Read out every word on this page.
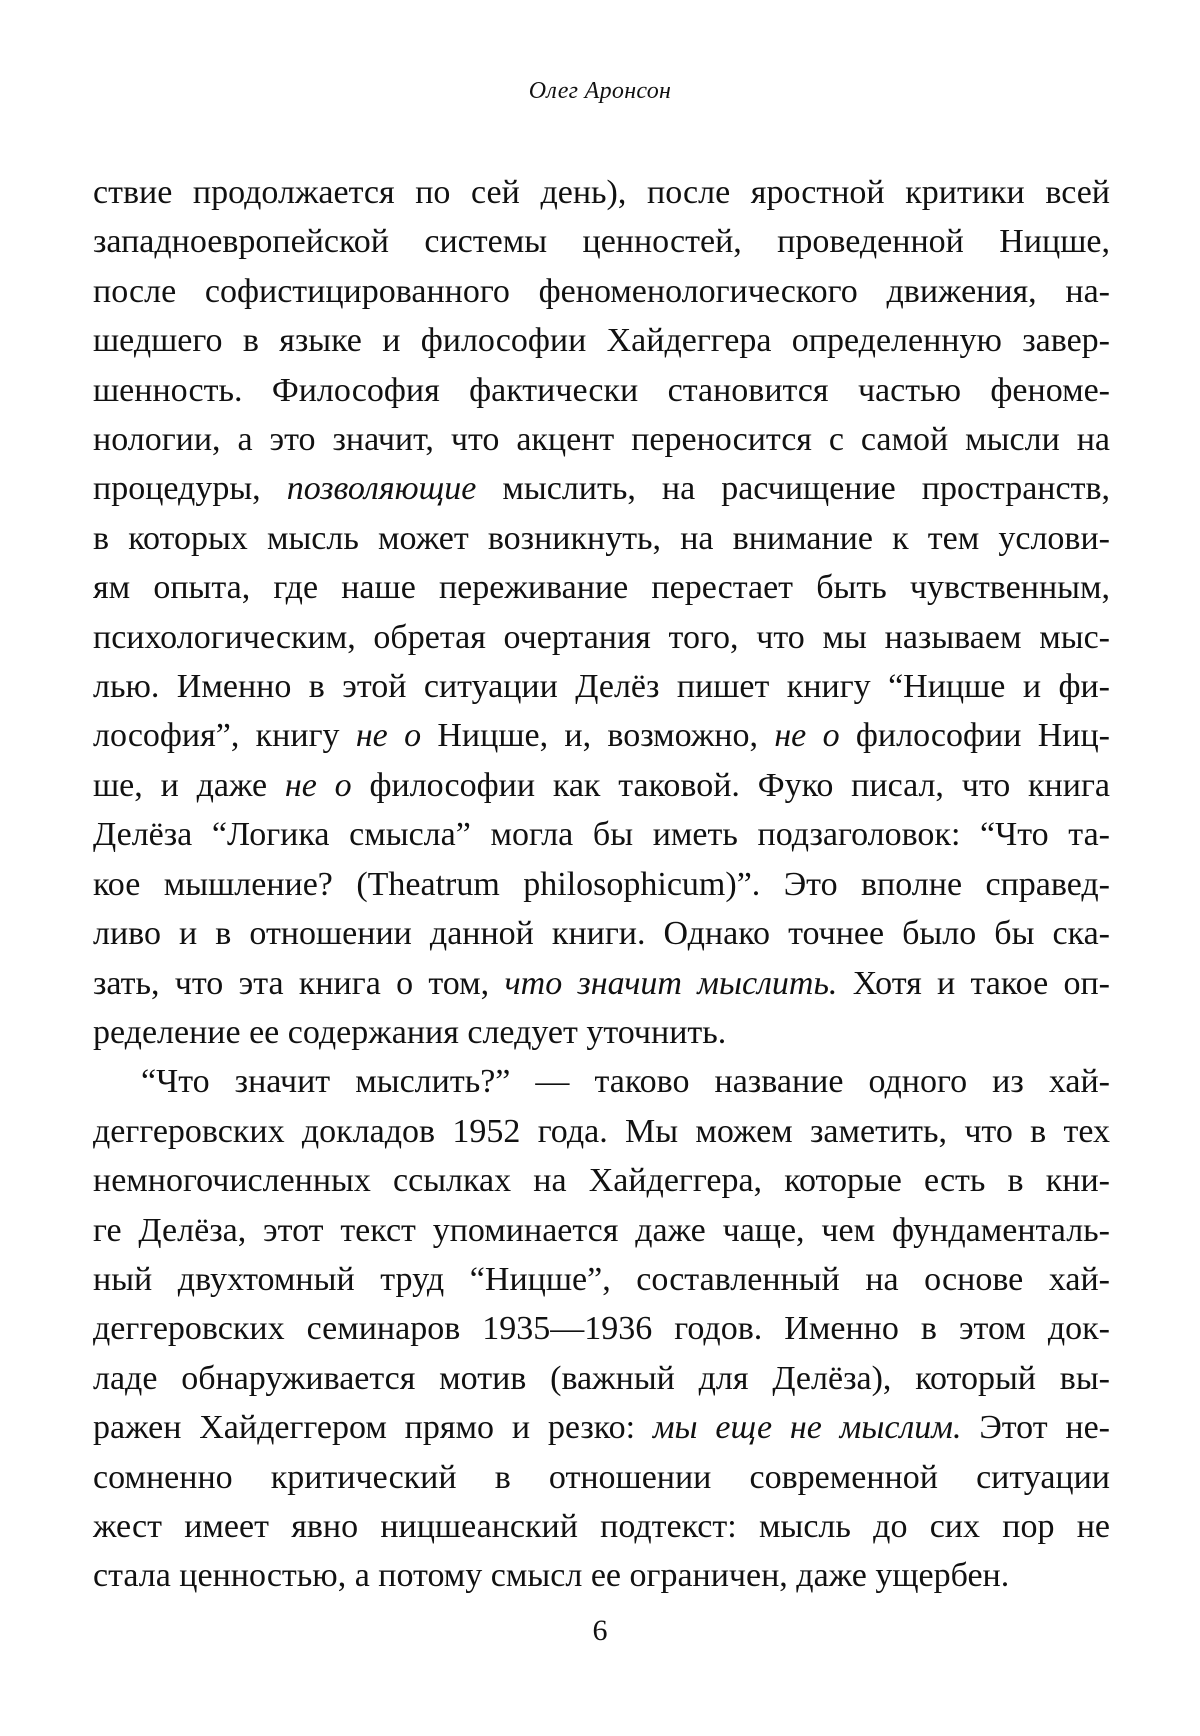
Олег Аронсон

ствие продолжается по сей день), после яростной критики всей

западноевропейской системы ценностей, проведенной Ницше,

после софистицированного феноменологического движения, на-

шедшего в языке и философии Хайдеггера определенную завер-

шенность. Философия фактически становится частью феноме-

нологии, а это значит, что акцент переносится с самой мысли на

процедуры, позволяющие мыслить, на расчищение пространств,

в которых мысль может возникнуть, на внимание к тем услови-

ям опыта, где наше переживание перестает быть чувственным,

психологическим, обретая очертания того, что мы называем мыс-

лью. Именно в этой ситуации Делёз пишет книгу “Ницше и фи-

лософия”, книгу не о Ницше, и, возможно, не о философии Ниц-

ше, и даже не о философии как таковой. Фуко писал, что книга

Делёза “Логика смысла” могла бы иметь подзаголовок: “Что та-

кое мышление? (Theatrum philosophicum)”. Это вполне справед-

ливо и в отношении данной книги. Однако точнее было бы ска-

зать, что эта книга о том, что значит мыслить. Хотя и такое оп-

ределение ее содержания следует уточнить.

“Что значит мыслить?” — таково название одного из хай-

деггеровских докладов 1952 года. Мы можем заметить, что в тех

немногочисленных ссылках на Хайдеггера, которые есть в кни-

ге Делёза, этот текст упоминается даже чаще, чем фундаменталь-

ный двухтомный труд “Ницше”, составленный на основе хай-

деггеровских семинаров 1935—1936 годов. Именно в этом док-

ладе обнаруживается мотив (важный для Делёза), который вы-

ражен Хайдеггером прямо и резко: мы еще не мыслим. Этот не-

сомненно критический в отношении современной ситуации

жест имеет явно ницшеанский подтекст: мысль до сих пор не

стала ценностью, а потому смысл ее ограничен, даже ущербен.

6
